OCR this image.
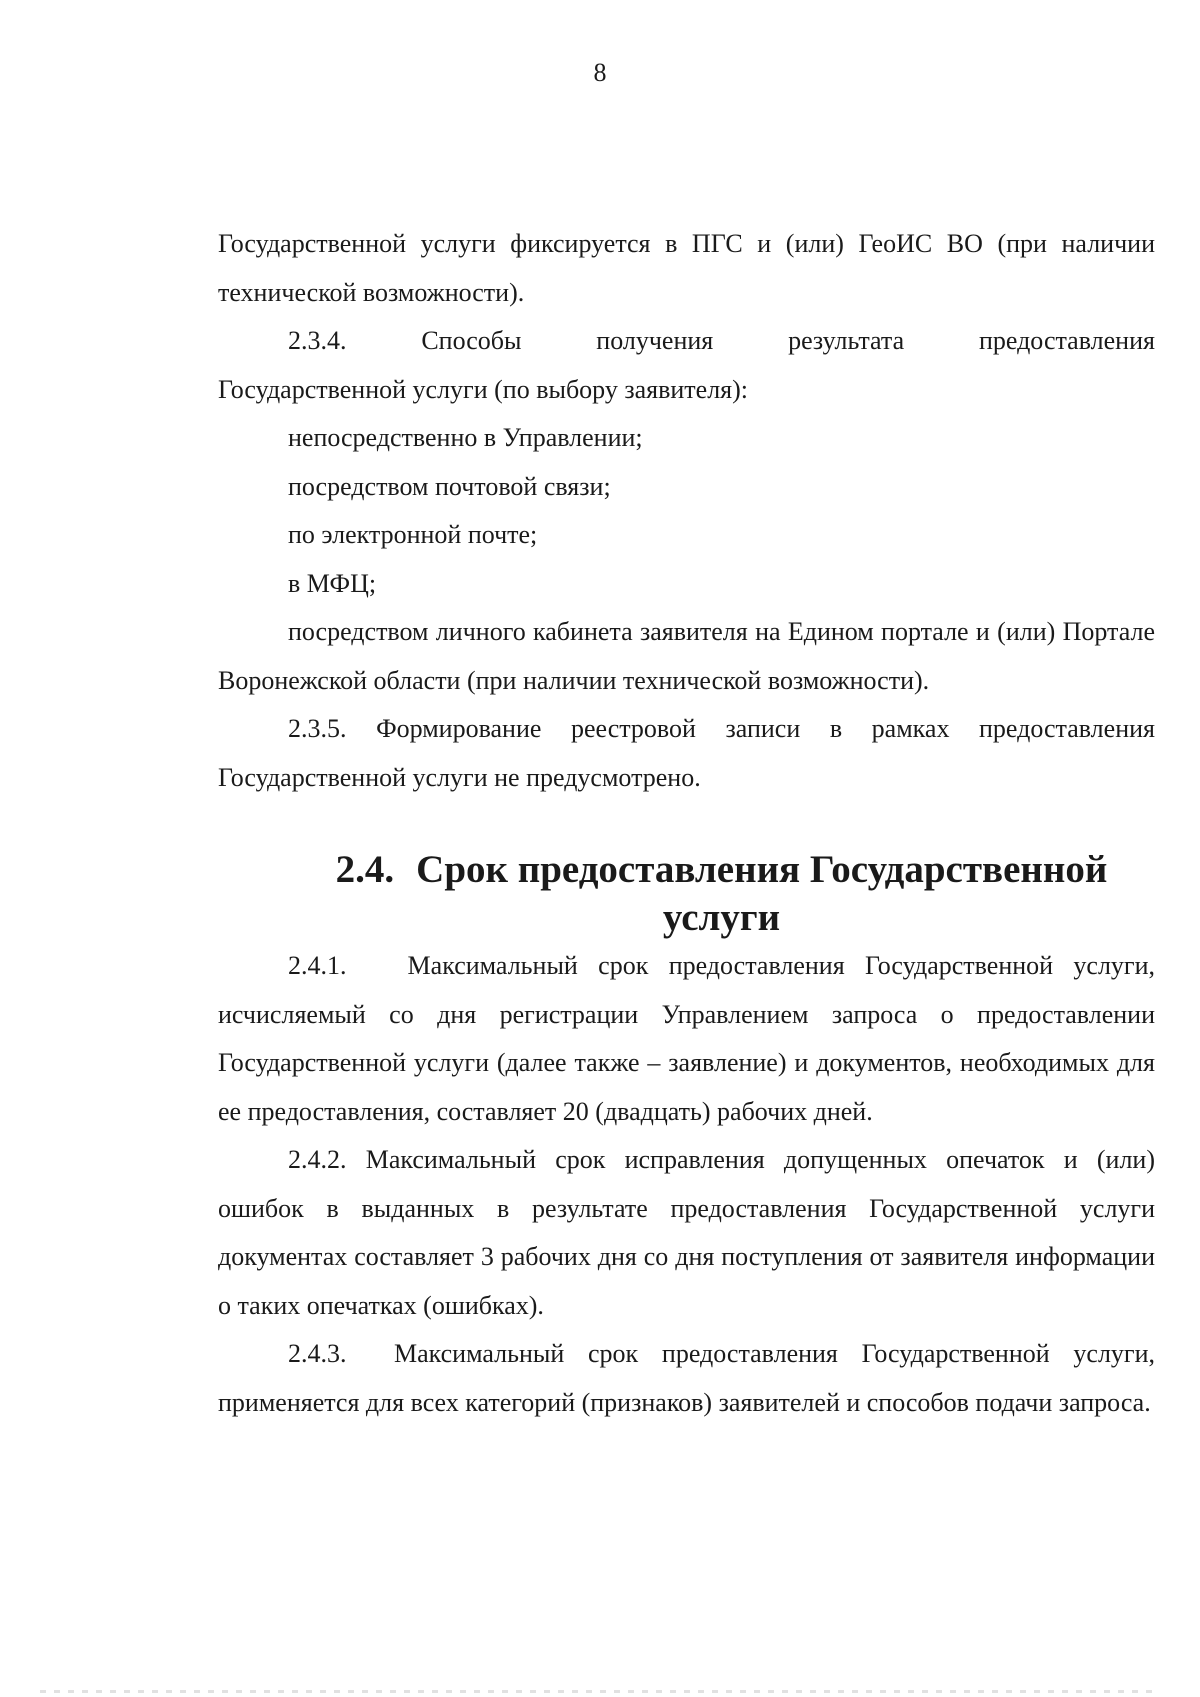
8

Государственной услуги фиксируется в ПГС и (или) ГеоИС ВО (при наличии технической возможности).

2.3.4.	Способы	получения	результата	предоставления

Государственной услуги (по выбору заявителя):

непосредственно в Управлении;

посредством почтовой связи;

по электронной почте;

в МФЦ;

посредством личного кабинета заявителя на Едином портале и (или) Портале Воронежской области (при наличии технической возможности).

2.3.5. Формирование реестровой записи в рамках предоставления Государственной услуги не предусмотрено.

2.4. Срок предоставления Государственной услуги

2.4.1.   Максимальный срок предоставления Государственной услуги, исчисляемый со дня регистрации Управлением запроса о предоставлении Государственной услуги (далее также – заявление) и документов, необходимых для ее предоставления, составляет 20 (двадцать) рабочих дней.

2.4.2. Максимальный срок исправления допущенных опечаток и (или) ошибок в выданных в результате предоставления Государственной услуги документах составляет 3 рабочих дня со дня поступления от заявителя информации о таких опечатках (ошибках).

2.4.3.  Максимальный срок предоставления Государственной услуги, применяется для всех категорий (признаков) заявителей и способов подачи запроса.
